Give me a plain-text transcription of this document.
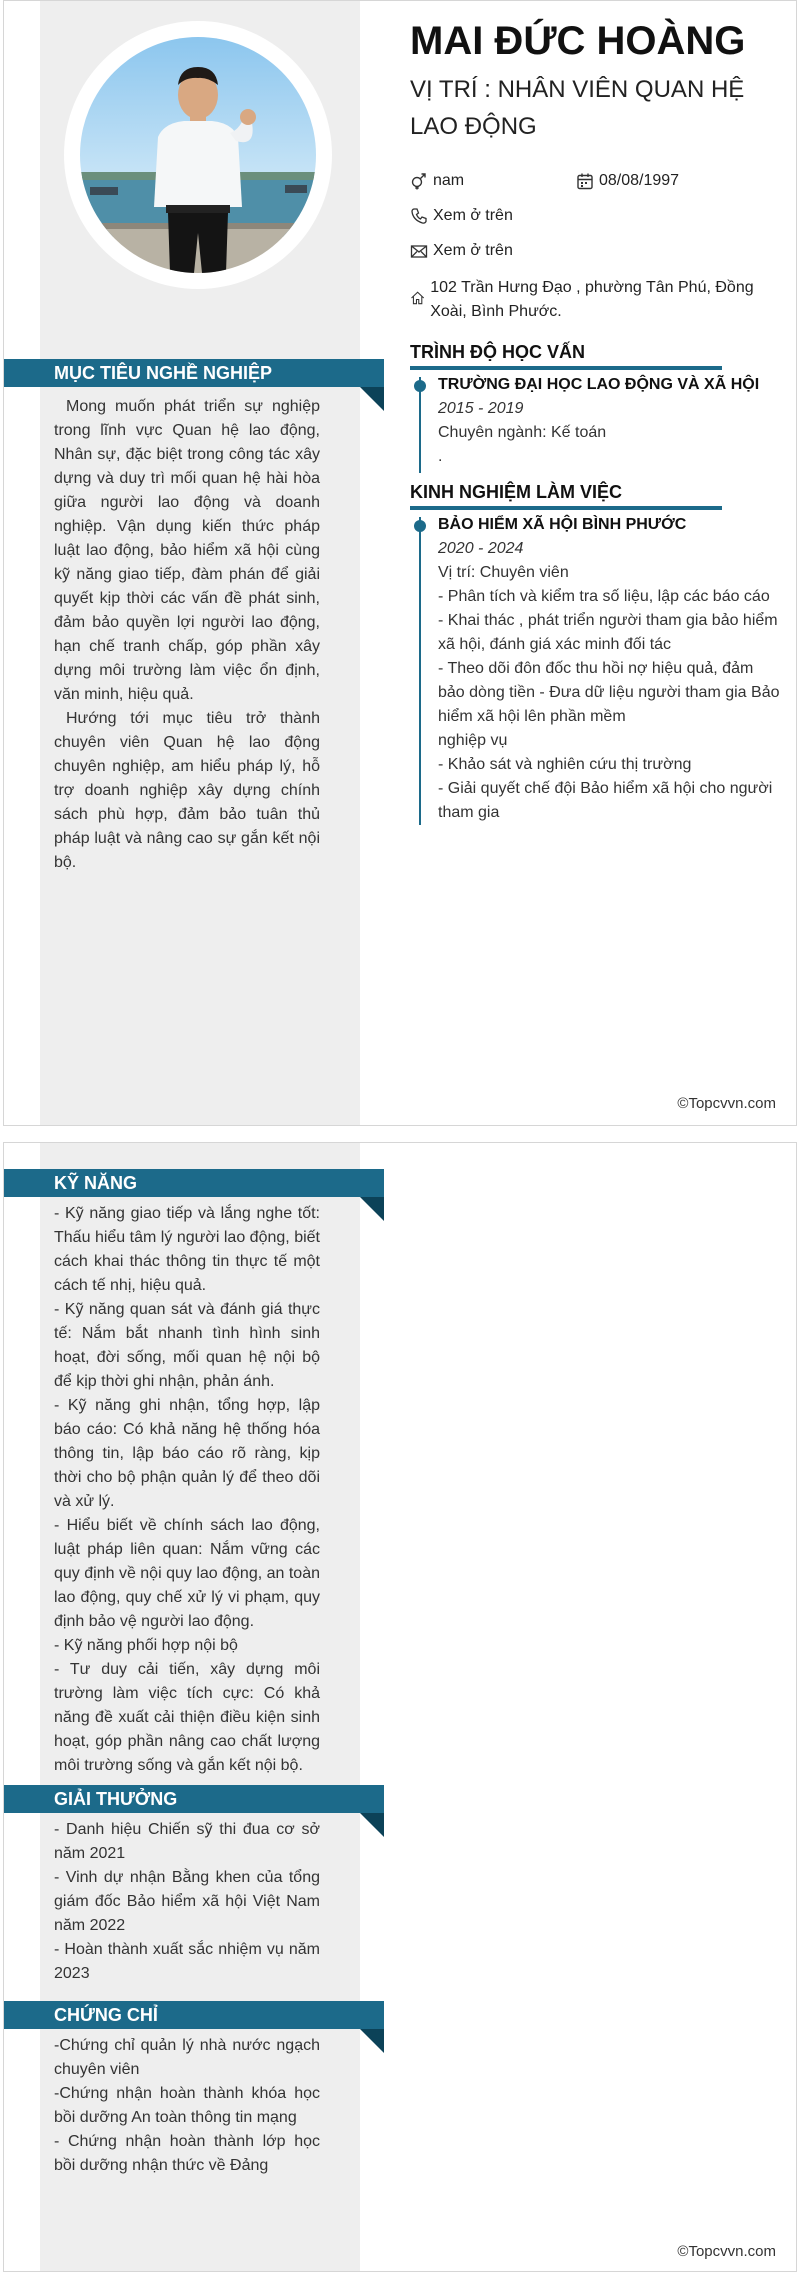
MAI ĐỨC HOÀNG
VỊ TRÍ : NHÂN VIÊN QUAN HỆ LAO ĐỘNG
nam	08/08/1997
Xem ở trên
Xem ở trên
102 Trần Hưng Đạo , phường Tân Phú, Đồng Xoài, Bình Phước.
MỤC TIÊU NGHỀ NGHIỆP

Mong muốn phát triển sự nghiệp trong lĩnh vực Quan hệ lao động, Nhân sự, đặc biệt trong công tác xây dựng và duy trì mối quan hệ hài hòa giữa người lao động và doanh nghiệp. Vận dụng kiến thức pháp luật lao động, bảo hiểm xã hội cùng kỹ năng giao tiếp, đàm phán để giải quyết kịp thời các vấn đề phát sinh, đảm bảo quyền lợi người lao động, hạn chế tranh chấp, góp phần xây dựng môi trường làm việc ổn định, văn minh, hiệu quả.

Hướng tới mục tiêu trở thành chuyên viên Quan hệ lao động chuyên nghiệp, am hiểu pháp lý, hỗ trợ doanh nghiệp xây dựng chính sách phù hợp, đảm bảo tuân thủ pháp luật và nâng cao sự gắn kết nội bộ.

TRÌNH ĐỘ HỌC VẤN

TRƯỜNG ĐẠI HỌC LAO ĐỘNG VÀ XÃ HỘI

2015 - 2019

Chuyên ngành: Kế toán

.

KINH NGHIỆM LÀM VIỆC

BẢO HIỂM XÃ HỘI BÌNH PHƯỚC

2020 - 2024

Vị trí: Chuyên viên

- Phân tích và kiểm tra số liệu, lập các báo cáo

- Khai thác , phát triển người tham gia bảo hiểm xã hội, đánh giá xác minh đối tác

- Theo dõi đôn đốc thu hồi nợ hiệu quả, đảm bảo dòng tiền - Đưa dữ liệu người tham gia Bảo hiểm xã hội lên phần mềm

nghiệp vụ

- Khảo sát và nghiên cứu thị trường

- Giải quyết chế đội Bảo hiểm xã hội cho người tham gia

©Topcvvn.com
KỸ NĂNG

- Kỹ năng giao tiếp và lắng nghe tốt: Thấu hiểu tâm lý người lao động, biết cách khai thác thông tin thực tế một cách tế nhị, hiệu quả.

- Kỹ năng quan sát và đánh giá thực tế: Nắm bắt nhanh tình hình sinh hoạt, đời sống, mối quan hệ nội bộ để kịp thời ghi nhận, phản ánh.

- Kỹ năng ghi nhận, tổng hợp, lập báo cáo: Có khả năng hệ thống hóa thông tin, lập báo cáo rõ ràng, kịp thời cho bộ phận quản lý để theo dõi và xử lý.

- Hiểu biết về chính sách lao động, luật pháp liên quan: Nắm vững các quy định về nội quy lao động, an toàn lao động, quy chế xử lý vi phạm, quy định bảo vệ người lao động.

- Kỹ năng phối hợp nội bộ

- Tư duy cải tiến, xây dựng môi trường làm việc tích cực: Có khả năng đề xuất cải thiện điều kiện sinh hoạt, góp phần nâng cao chất lượng môi trường sống và gắn kết nội bộ.

GIẢI THƯỞNG

- Danh hiệu Chiến sỹ thi đua cơ sở năm 2021

- Vinh dự nhận Bằng khen của tổng giám đốc Bảo hiểm xã hội Việt Nam năm 2022

- Hoàn thành xuất sắc nhiệm vụ năm 2023

CHỨNG CHỈ

-Chứng chỉ quản lý nhà nước ngạch chuyên viên

-Chứng nhận hoàn thành khóa học bồi dưỡng An toàn thông tin mạng

- Chứng nhận hoàn thành lớp học bồi dưỡng nhận thức về Đảng

©Topcvvn.com
